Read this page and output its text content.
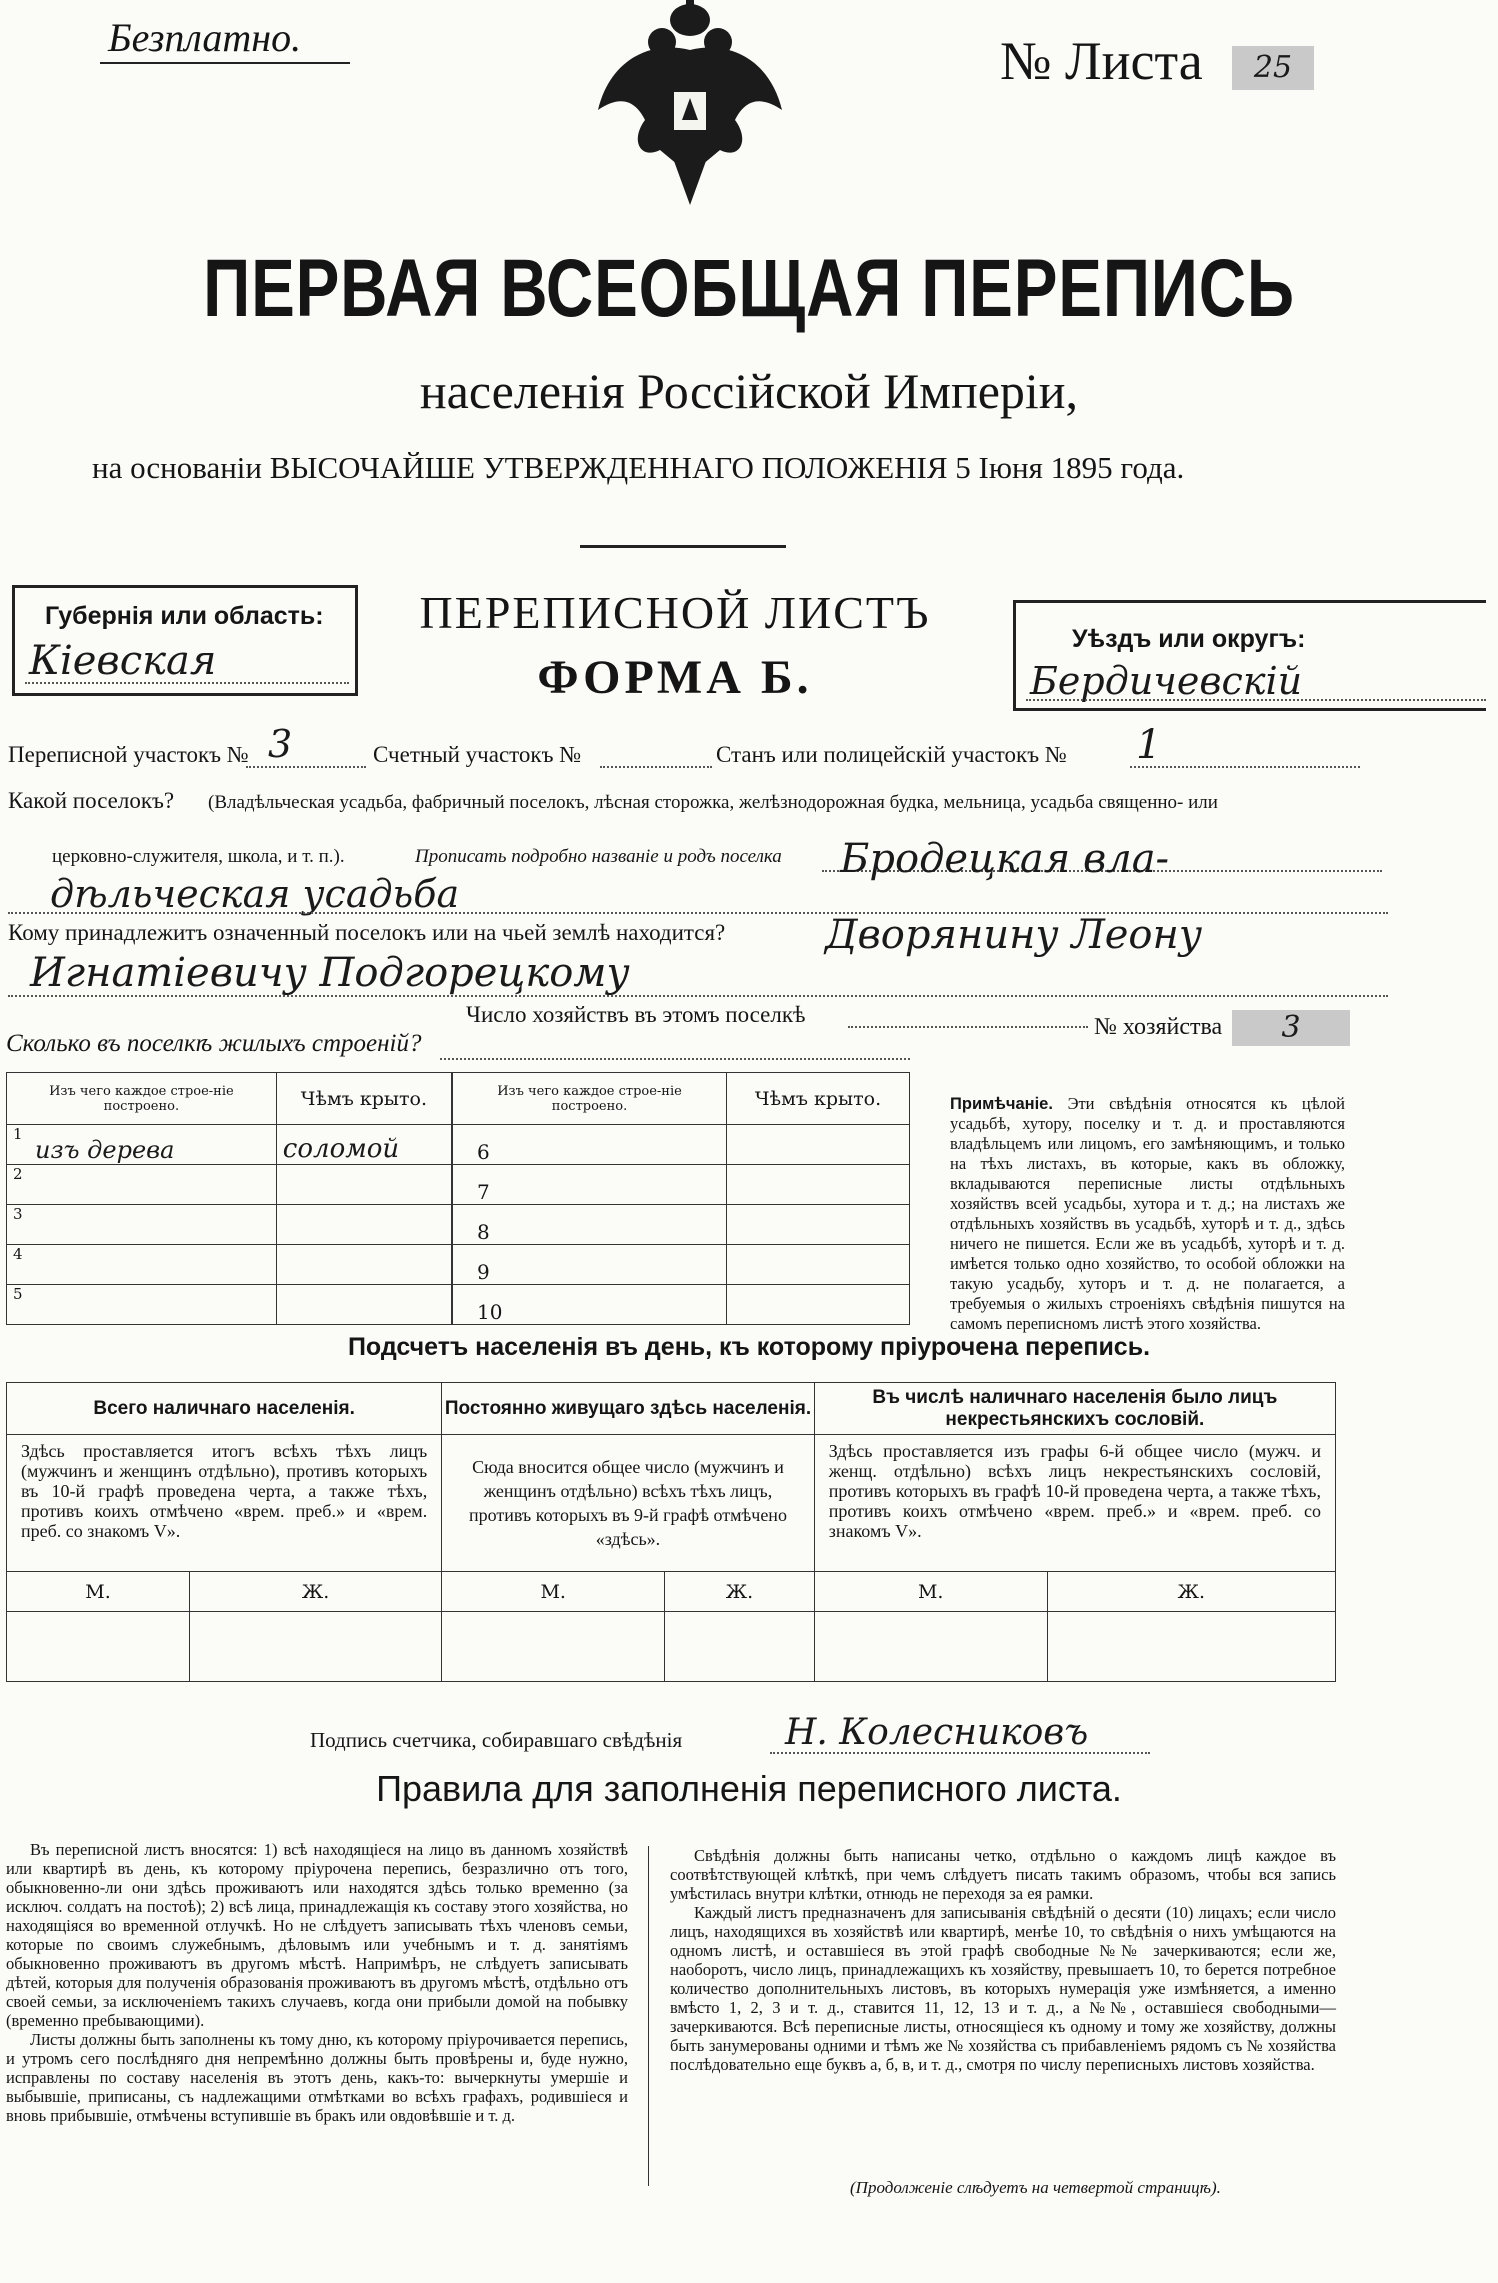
Безплатно.	№ Листа	25
ПЕРВАЯ ВСЕОБЩАЯ ПЕРЕПИСЬ
населенія Россійской Имперіи,
на основаніи ВЫСОЧАЙШЕ УТВЕРЖДЕННАГО ПОЛОЖЕНІЯ 5 Іюня 1895 года.
Губернія или область:
Кіевская
ПЕРЕПИСНОЙ ЛИСТЪ
ФОРМА Б.
Уѣздъ или округъ:
Бердичевскій
Переписной участокъ № 3	Счетный участокъ №	Станъ или полицейскій участокъ № 1
Какой поселокъ? (Владѣльческая усадьба, фабричный поселокъ, лѣсная сторожка, желѣзнодорожная будка, мельница, усадьба священно- или
церковно-служителя, школа, и т. п.).	Прописать подробно названіе и родъ поселка Бродецкая вла-
дѣльческая усадьба
Кому принадлежитъ означенный поселокъ или на чьей землѣ находится? Дворянину Леону
Игнатіевичу Подгорецкому
Число хозяйствъ въ этомъ поселкѣ	№ хозяйства	3
Сколько въ поселкѣ жилыхъ строеній?
Изъ чего каждое строе-ніе построено.		Чѣмъ крыто.
1	изъ дерева	соломой
2		
3		
4		
5		
Изъ чего каждое строе-ніе построено.		Чѣмъ крыто.
6		
7		
8		
9		
10		
Примѣчаніе. Эти свѣдѣнія относятся къ цѣлой усадьбѣ, хутору, поселку и т. д. и проставляются владѣльцемъ или лицомъ, его замѣняющимъ, и только на тѣхъ листахъ, въ которые, какъ въ обложку, вкладываются переписные листы отдѣльныхъ хозяйствъ всей усадьбы, хутора и т. д.; на листахъ же отдѣльныхъ хозяйствъ въ усадьбѣ, хуторѣ и т. д., здѣсь ничего не пишется. Если же въ усадьбѣ, хуторѣ и т. д. имѣется только одно хозяйство, то особой обложки на такую усадьбу, хуторъ и т. д. не полагается, а требуемыя о жилыхъ строеніяхъ свѣдѣнія пишутся на самомъ переписномъ листѣ этого хозяйства.
Подсчетъ населенія въ день, къ которому пріурочена перепись.
Всего наличнаго населенія.		Постоянно живущаго здѣсь населенія.		Въ числѣ наличнаго населенія было лицъ некрестьянскихъ сословій.	
Здѣсь проставляется итогъ всѣхъ тѣхъ лицъ (мужчинъ и женщинъ отдѣльно), противъ которыхъ въ 10-й графѣ проведена черта, а также тѣхъ, противъ коихъ отмѣчено «врем. преб.» и «врем. преб. со знакомъ V».		Сюда вносится общее число (мужчинъ и женщинъ отдѣльно) всѣхъ тѣхъ лицъ, противъ которыхъ въ 9-й графѣ отмѣчено «здѣсь».		Здѣсь проставляется изъ графы 6-й общее число (мужч. и женщ. отдѣльно) всѣхъ лицъ некрестьянскихъ сословій, противъ которыхъ въ графѣ 10-й проведена черта, а также тѣхъ, противъ коихъ отмѣчено «врем. преб.» и «врем. преб. со знакомъ V».	
М.	Ж.	М.	Ж.	М.	Ж.

Подпись счетчика, собиравшаго свѣдѣнія	Н. Колесниковъ
Правила для заполненія переписного листа.

Въ переписной листъ вносятся: 1) всѣ находящіеся на лицо въ данномъ хозяйствѣ или квартирѣ въ день, къ которому пріурочена перепись, безразлично отъ того, обыкновенно-ли они здѣсь проживаютъ или находятся здѣсь только временно (за исключ. солдатъ на постоѣ); 2) всѣ лица, принадлежащія къ составу этого хозяйства, но находящіяся во временной отлучкѣ. Но не слѣдуетъ записывать тѣхъ членовъ семьи, которые по своимъ служебнымъ, дѣловымъ или учебнымъ и т. д. занятіямъ обыкновенно проживаютъ въ другомъ мѣстѣ. Напримѣръ, не слѣдуетъ записывать дѣтей, которыя для полученія образованія проживаютъ въ другомъ мѣстѣ, отдѣльно отъ своей семьи, за исключеніемъ такихъ случаевъ, когда они прибыли домой на побывку (временно пребывающими).

Листы должны быть заполнены къ тому дню, къ которому пріурочивается перепись, и утромъ сего послѣдняго дня непремѣнно должны быть провѣрены и, буде нужно, исправлены по составу населенія въ этотъ день, какъ-то: вычеркнуты умершіе и выбывшіе, приписаны, съ надлежащими отмѣтками во всѣхъ графахъ, родившіеся и вновь прибывшіе, отмѣчены вступившіе въ бракъ или овдовѣвшіе и т. д.

Свѣдѣнія должны быть написаны четко, отдѣльно о каждомъ лицѣ каждое въ соотвѣтствующей клѣткѣ, при чемъ слѣдуетъ писать такимъ образомъ, чтобы вся запись умѣстилась внутри клѣтки, отнюдь не переходя за ея рамки.

Каждый листъ предназначенъ для записыванія свѣдѣній о десяти (10) лицахъ; если число лицъ, находящихся въ хозяйствѣ или квартирѣ, менѣе 10, то свѣдѣнія о нихъ умѣщаются на одномъ листѣ, и оставшіеся въ этой графѣ свободные №№ зачеркиваются; если же, наоборотъ, число лицъ, принадлежащихъ къ хозяйству, превышаетъ 10, то берется потребное количество дополнительныхъ листовъ, въ которыхъ нумерація уже измѣняется, а именно вмѣсто 1, 2, 3 и т. д., ставится 11, 12, 13 и т. д., а №№, оставшіеся свободными—зачеркиваются. Всѣ переписные листы, относящіеся къ одному и тому же хозяйству, должны быть занумерованы одними и тѣмъ же № хозяйства съ прибавленіемъ рядомъ съ № хозяйства послѣдовательно еще буквъ а, б, в, и т. д., смотря по числу переписныхъ листовъ хозяйства.

(Продолженіе слѣдуетъ на четвертой страницѣ).
